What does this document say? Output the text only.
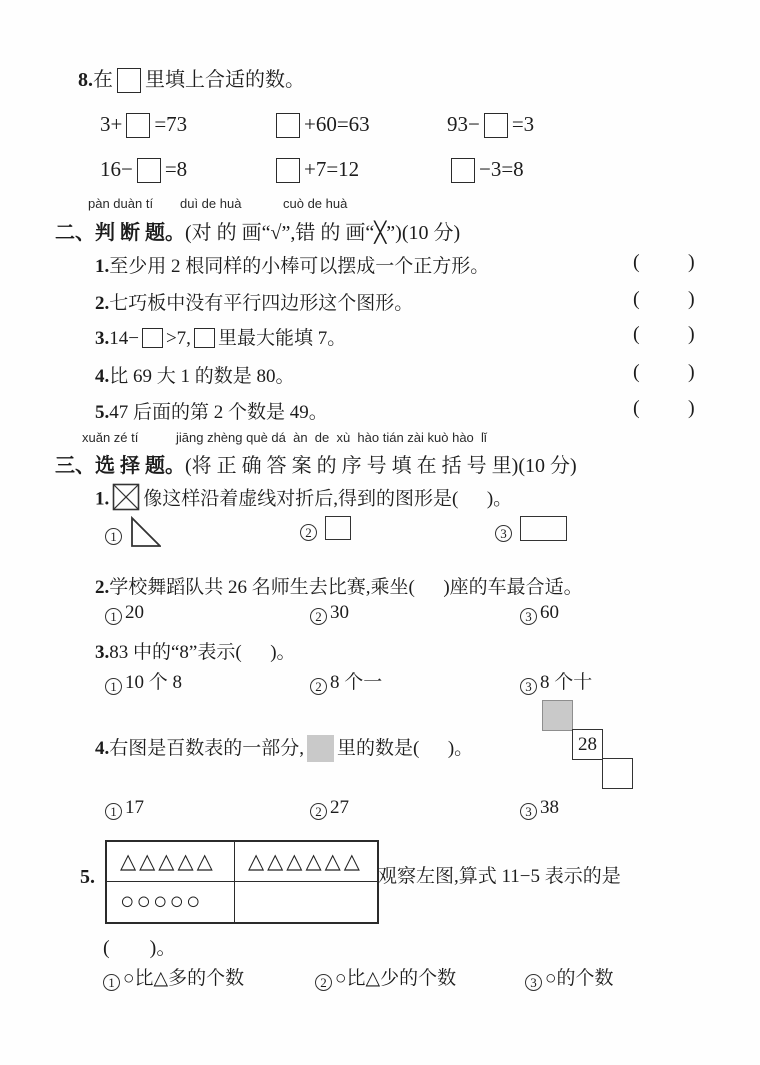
8.在 里填上合适的数。
3+ =73	+60=63	93− =3
16− =8	+7=12	−3=8
pàn duàn tí duì de huà	cuò de huà
二、判 断 题。(对 的 画“√”,错 的 画“╳”)(10 分)
1.至少用 2 根同样的小棒可以摆成一个正方形。	( )
2.七巧板中没有平行四边形这个图形。	( )
3.14− >7, 里最大能填 7。	( )
4.比 69 大 1 的数是 80。	( )
5.47 后面的第 2 个数是 49。	( )
xuǎn zé tí	jiāng zhèng què dá  àn  de  xù  hào tián zài kuò hào  lǐ
三、选 择 题。(将 正 确 答 案 的 序 号 填 在 括 号 里)(10 分)
1. 像这样沿着虚线对折后,得到的图形是(      )。
1	2	3
2.学校舞蹈队共 26 名师生去比赛,乘坐(      )座的车最合适。
1 20	2 30	3 60
3.83 中的“8”表示(      )。
1 10 个 8	2 8 个一	3 8 个十
28
4.右图是百数表的一部分, 里的数是(      )。
1 17	2 27	3 38
5.
△△△△△	△△△△△△
○○○○○
观察左图,算式 11−5 表示的是
(        )。
1 ○比△多的个数	2 ○比△少的个数	3 ○的个数
